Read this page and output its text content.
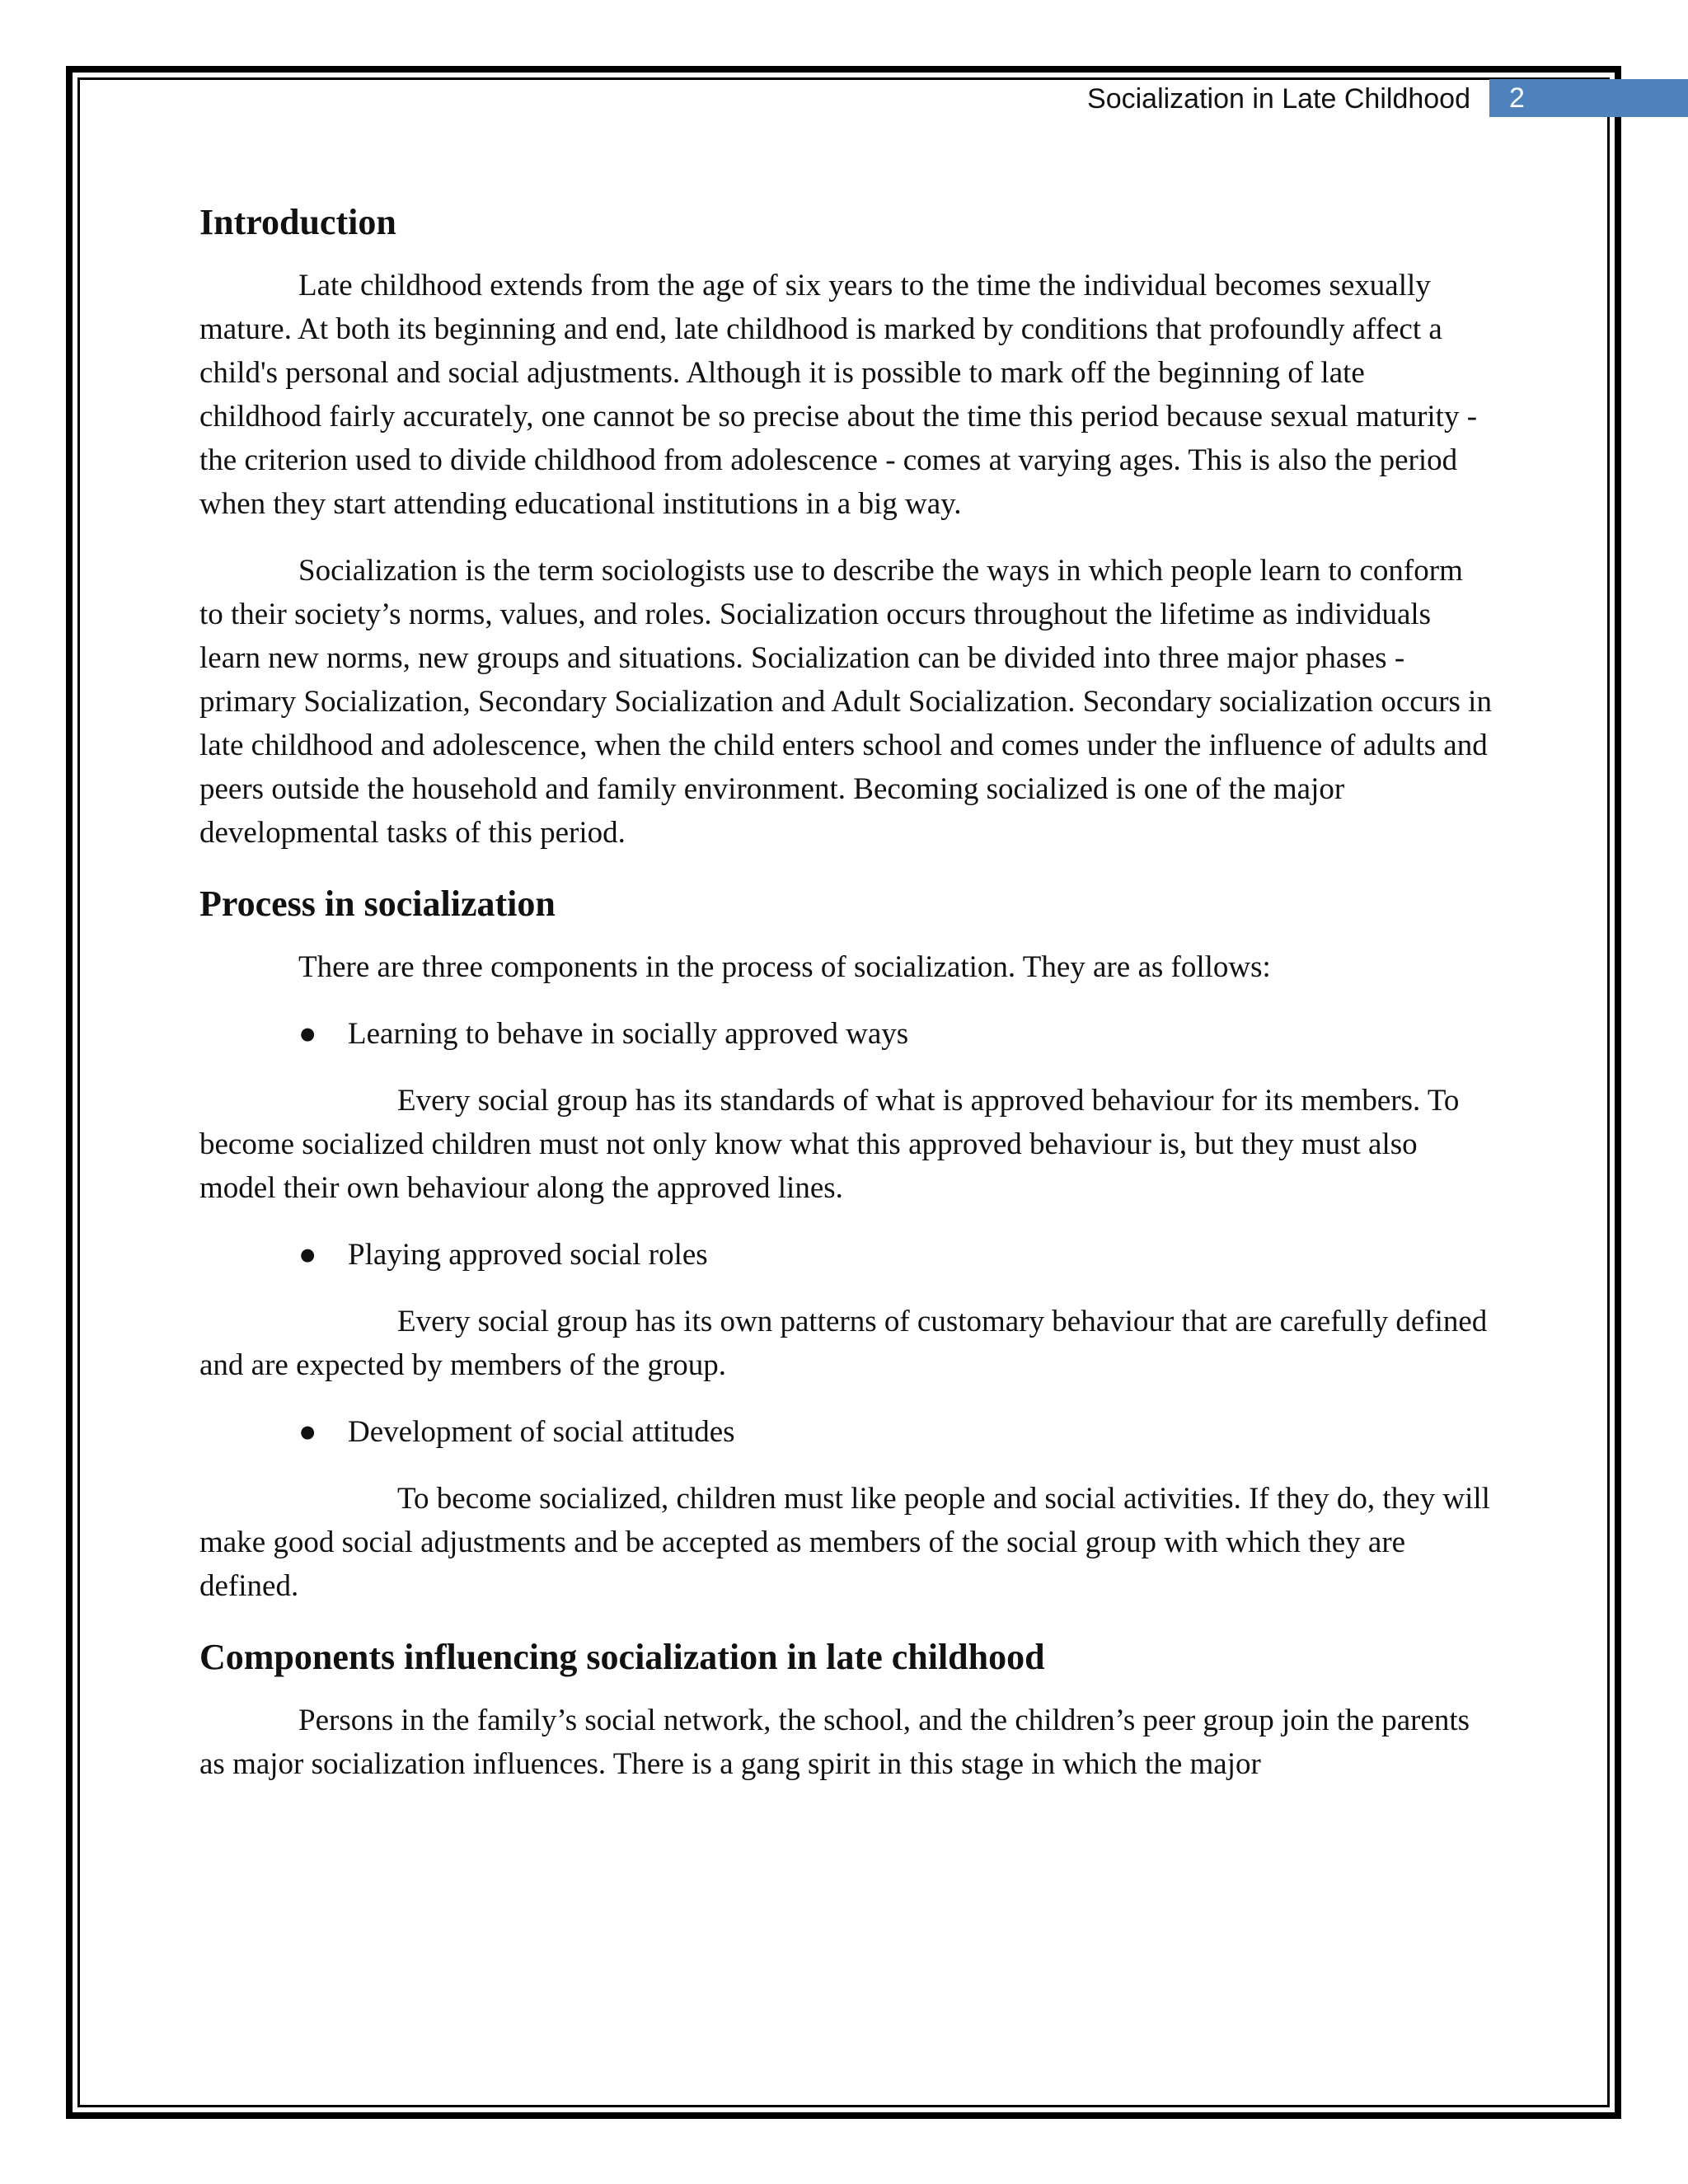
Socialization in Late Childhood	2
Introduction

Late childhood extends from the age of six years to the time the individual becomes sexually mature. At both its beginning and end, late childhood is marked by conditions that profoundly affect a child's personal and social adjustments. Although it is possible to mark off the beginning of late childhood fairly accurately, one cannot be so precise about the time this period because sexual maturity - the criterion used to divide childhood from adolescence - comes at varying ages. This is also the period when they start attending educational institutions in a big way.

Socialization is the term sociologists use to describe the ways in which people learn to conform to their society’s norms, values, and roles. Socialization occurs throughout the lifetime as individuals learn new norms, new groups and situations. Socialization can be divided into three major phases - primary Socialization, Secondary Socialization and Adult Socialization. Secondary socialization occurs in late childhood and adolescence, when the child enters school and comes under the influence of adults and peers outside the household and family environment. Becoming socialized is one of the major developmental tasks of this period.

Process in socialization

There are three components in the process of socialization. They are as follows:

●	Learning to behave in socially approved ways

Every social group has its standards of what is approved behaviour for its members. To become socialized children must not only know what this approved behaviour is, but they must also model their own behaviour along the approved lines.

●	Playing approved social roles

Every social group has its own patterns of customary behaviour that are carefully defined and are expected by members of the group.

●	Development of social attitudes

To become socialized, children must like people and social activities. If they do, they will make good social adjustments and be accepted as members of the social group with which they are defined.

Components influencing socialization in late childhood

Persons in the family’s social network, the school, and the children’s peer group join the parents as major socialization influences. There is a gang spirit in this stage in which the major
